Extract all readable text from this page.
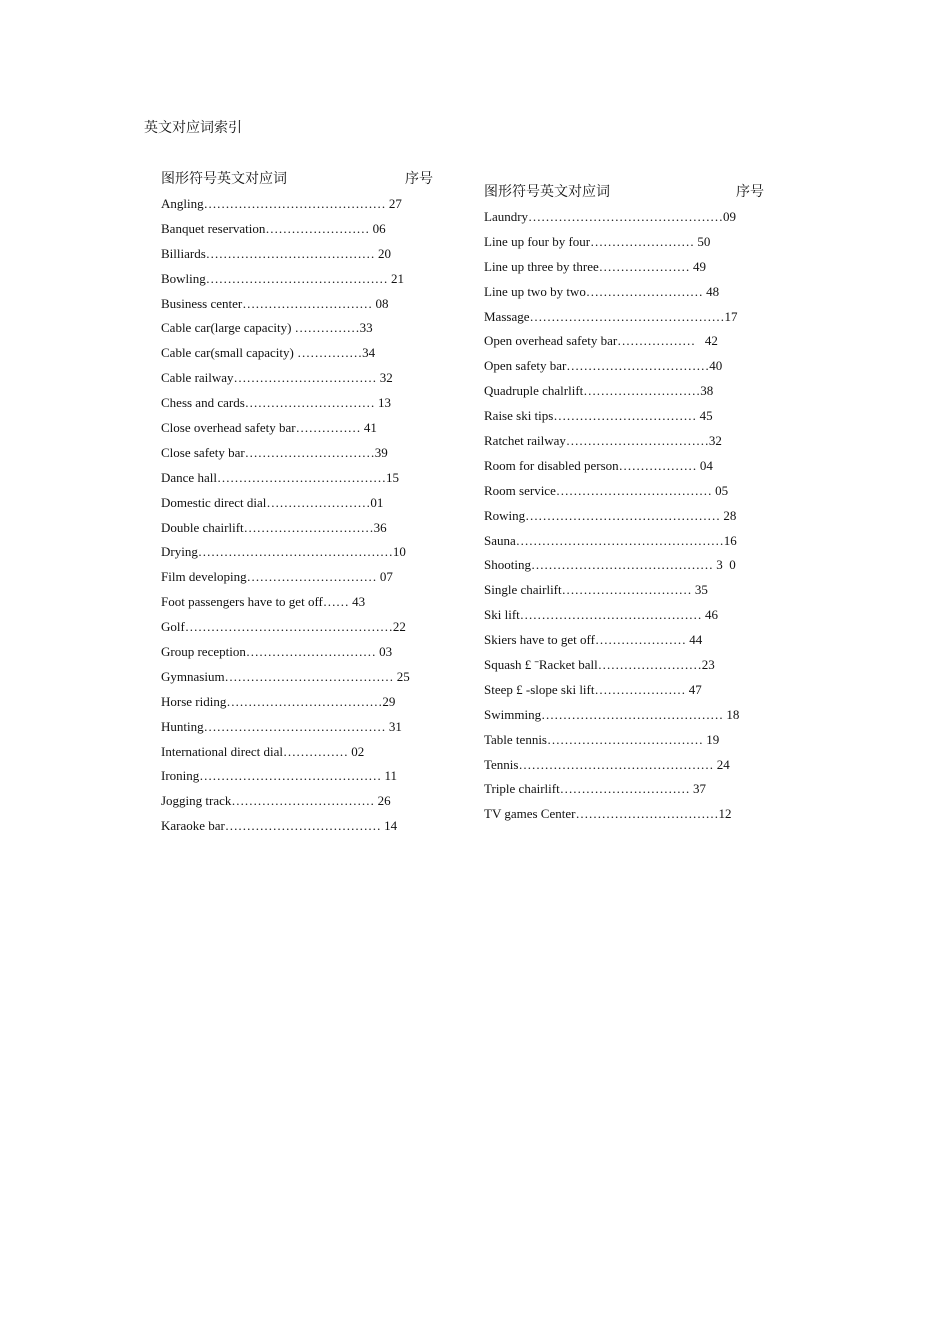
英文对应词索引
图形符号英文对应词	序号
Angling…………………………………… 27
Banquet reservation…………………… 06
Billiards………………………………… 20
Bowling…………………………………… 21
Business center………………………… 08
Cable car(large capacity) ……………33
Cable car(small capacity) ……………34
Cable railway…………………………… 32
Chess and cards………………………… 13
Close overhead safety bar…………… 41
Close safety bar…………………………39
Dance hall…………………………………15
Domestic direct dial……………………01
Double chairlift…………………………36
Drying………………………………………10
Film developing………………………… 07
Foot passengers have to get off…… 43
Golf…………………………………………22
Group reception………………………… 03
Gymnasium………………………………… 25
Horse riding………………………………29
Hunting…………………………………… 31
International direct dial…………… 02
Ironing…………………………………… 11
Jogging track…………………………… 26
Karaoke bar……………………………… 14
图形符号英文对应词	序号
Laundry………………………………………09
Line up four by four…………………… 50
Line up three by three………………… 49
Line up two by two……………………… 48
Massage………………………………………17
Open overhead safety bar………………   42
Open safety bar……………………………40
Quadruple chalrlift………………………38
Raise ski tips…………………………… 45
Ratchet railway……………………………32
Room for disabled person……………… 04
Room service……………………………… 05
Rowing……………………………………… 28
Sauna…………………………………………16
Shooting…………………………………… 3  0
Single chairlift………………………… 35
Ski lift…………………………………… 46
Skiers have to get off………………… 44
Squash £ ˉRacket ball……………………23
Steep £ -slope ski lift………………… 47
Swimming…………………………………… 18
Table tennis……………………………… 19
Tennis……………………………………… 24
Triple chairlift………………………… 37
TV games Center……………………………12
